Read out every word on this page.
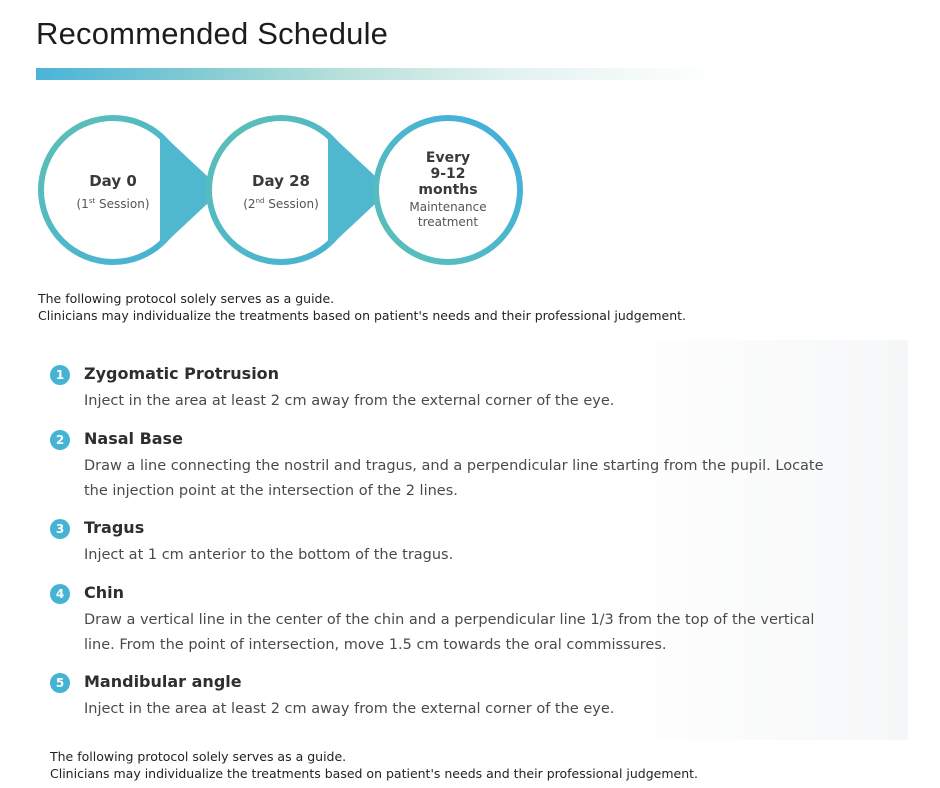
Recommended Schedule
Day 0
(1st Session)
Day 28
(2nd Session)
Every
9-12
months
Maintenance
treatment
The following protocol solely serves as a guide.
Clinicians may individualize the treatments based on patient's needs and their professional judgement.
1	Zygomatic Protrusion
Inject in the area at least 2 cm away from the external corner of the eye.
2	Nasal Base
Draw a line connecting the nostril and tragus, and a perpendicular line starting from the pupil. Locate the injection point at the intersection of the 2 lines.
3	Tragus
Inject at 1 cm anterior to the bottom of the tragus.
4	Chin
Draw a vertical line in the center of the chin and a perpendicular line 1/3 from the top of the vertical line. From the point of intersection, move 1.5 cm towards the oral commissures.
5	Mandibular angle
Inject in the area at least 2 cm away from the external corner of the eye.
The following protocol solely serves as a guide.
Clinicians may individualize the treatments based on patient's needs and their professional judgement.
